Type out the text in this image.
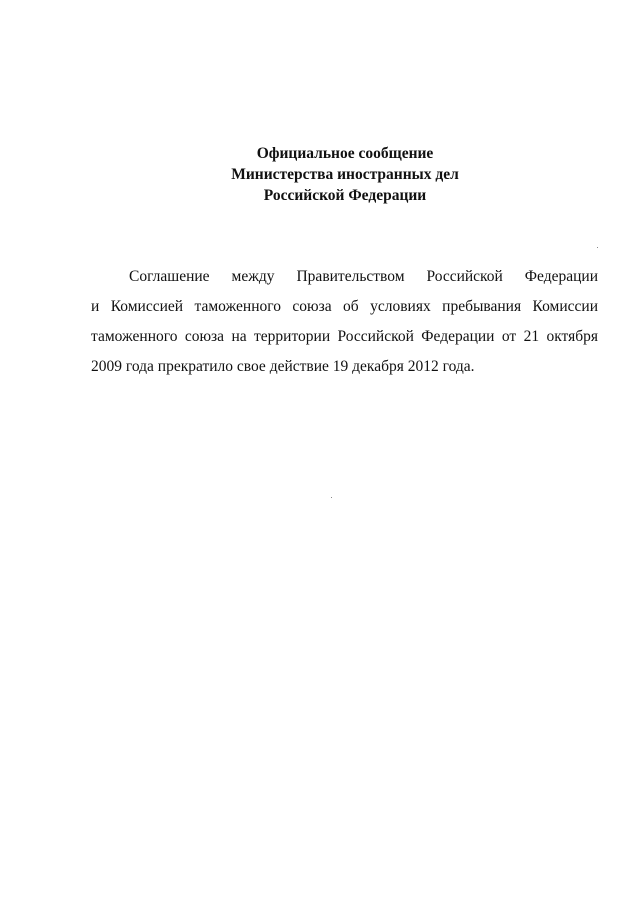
Официальное сообщение
Министерства иностранных дел
Российской Федерации

Соглашение между Правительством Российской Федерации
и Комиссией таможенного союза об условиях пребывания Комиссии таможенного союза на территории Российской Федерации от 21 октября 2009 года прекратило свое действие 19 декабря 2012 года.
